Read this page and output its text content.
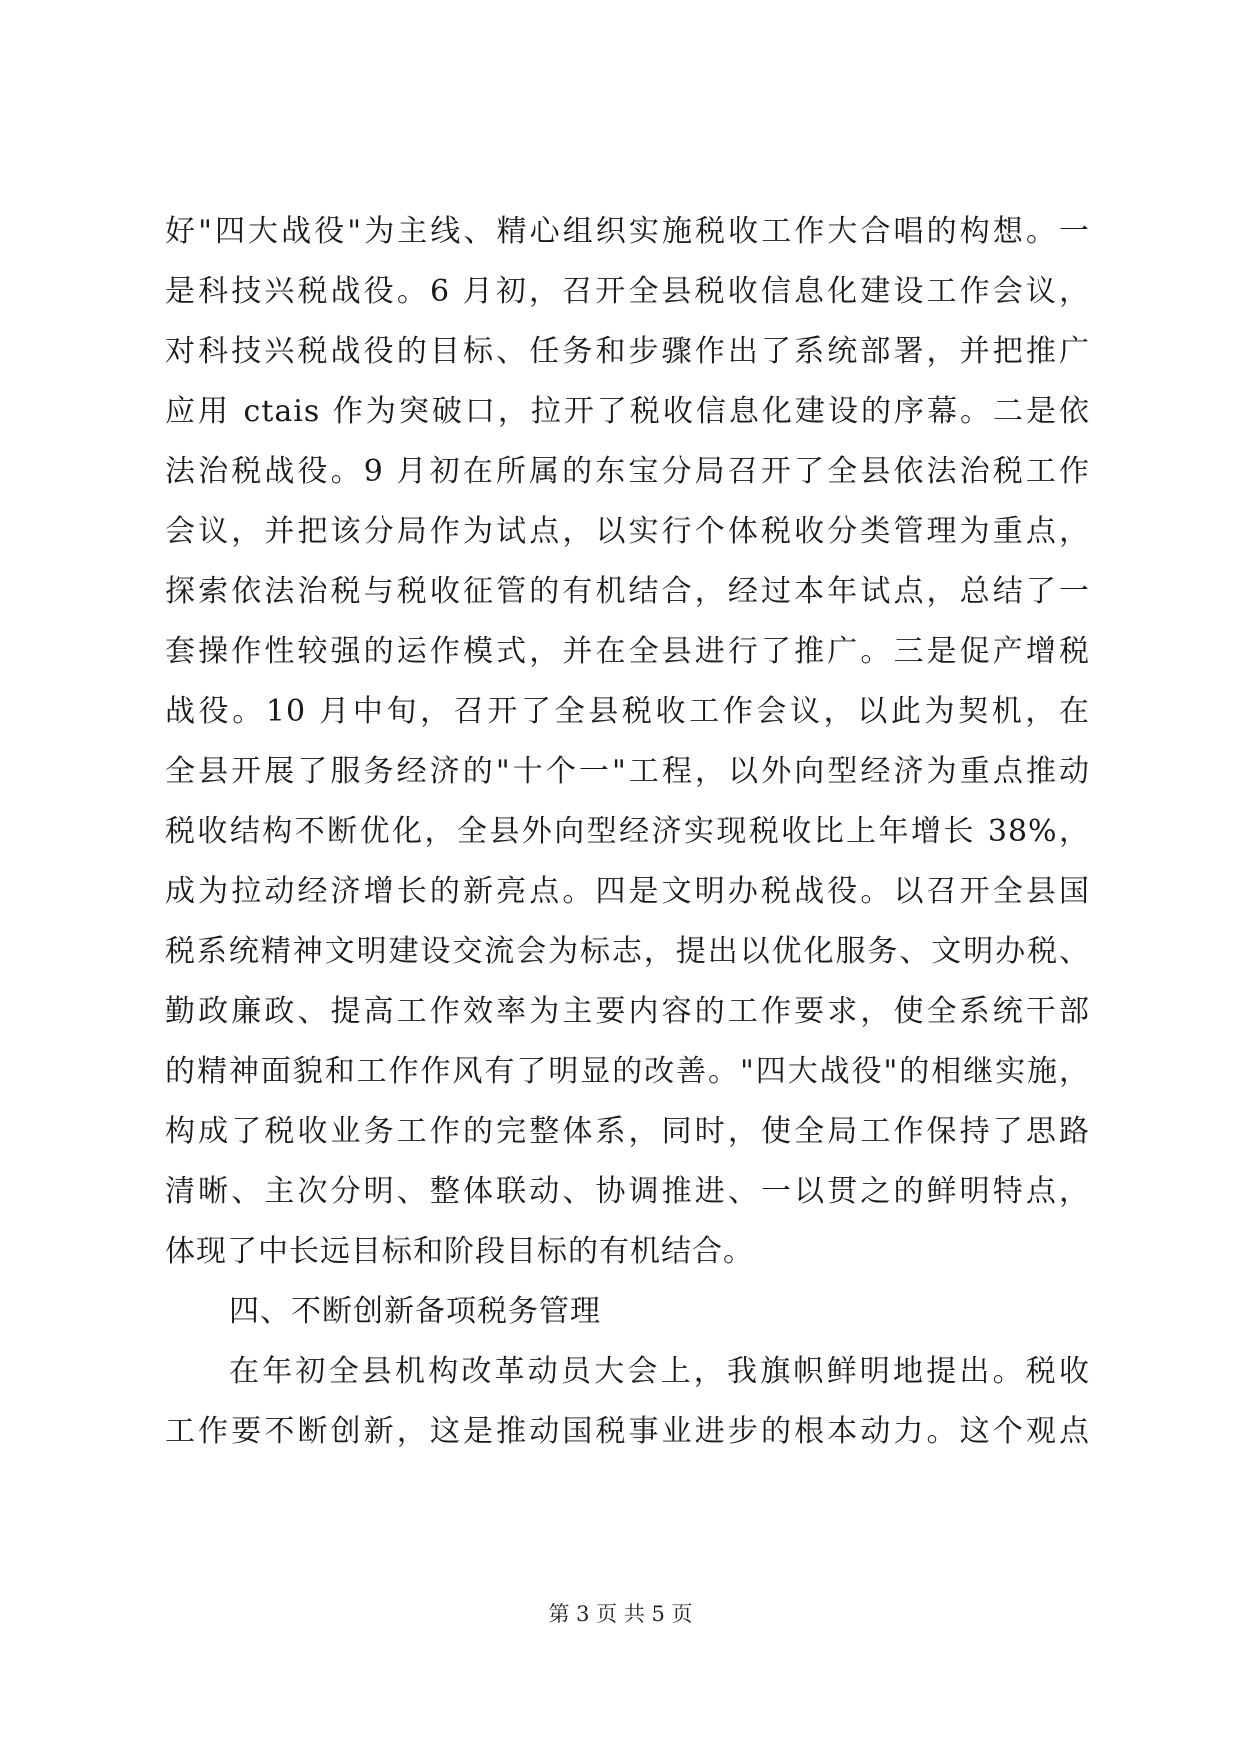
好"四大战役"为主线、精心组织实施税收工作大合唱的构想。一
是科技兴税战役。6 月初，召开全县税收信息化建设工作会议，
对科技兴税战役的目标、任务和步骤作出了系统部署，并把推广
应用 ctais 作为突破口，拉开了税收信息化建设的序幕。二是依
法治税战役。9 月初在所属的东宝分局召开了全县依法治税工作
会议，并把该分局作为试点，以实行个体税收分类管理为重点，
探索依法治税与税收征管的有机结合，经过本年试点，总结了一
套操作性较强的运作模式，并在全县进行了推广。三是促产增税
战役。10 月中旬，召开了全县税收工作会议，以此为契机，在
全县开展了服务经济的"十个一"工程，以外向型经济为重点推动
税收结构不断优化，全县外向型经济实现税收比上年增长 38%，
成为拉动经济增长的新亮点。四是文明办税战役。以召开全县国
税系统精神文明建设交流会为标志，提出以优化服务、文明办税、
勤政廉政、提高工作效率为主要内容的工作要求，使全系统干部
的精神面貌和工作作风有了明显的改善。"四大战役"的相继实施，
构成了税收业务工作的完整体系，同时，使全局工作保持了思路
清晰、主次分明、整体联动、协调推进、一以贯之的鲜明特点，
体现了中长远目标和阶段目标的有机结合。
四、不断创新备项税务管理
在年初全县机构改革动员大会上，我旗帜鲜明地提出。税收
工作要不断创新，这是推动国税事业进步的根本动力。这个观点
第 3 页 共 5 页
